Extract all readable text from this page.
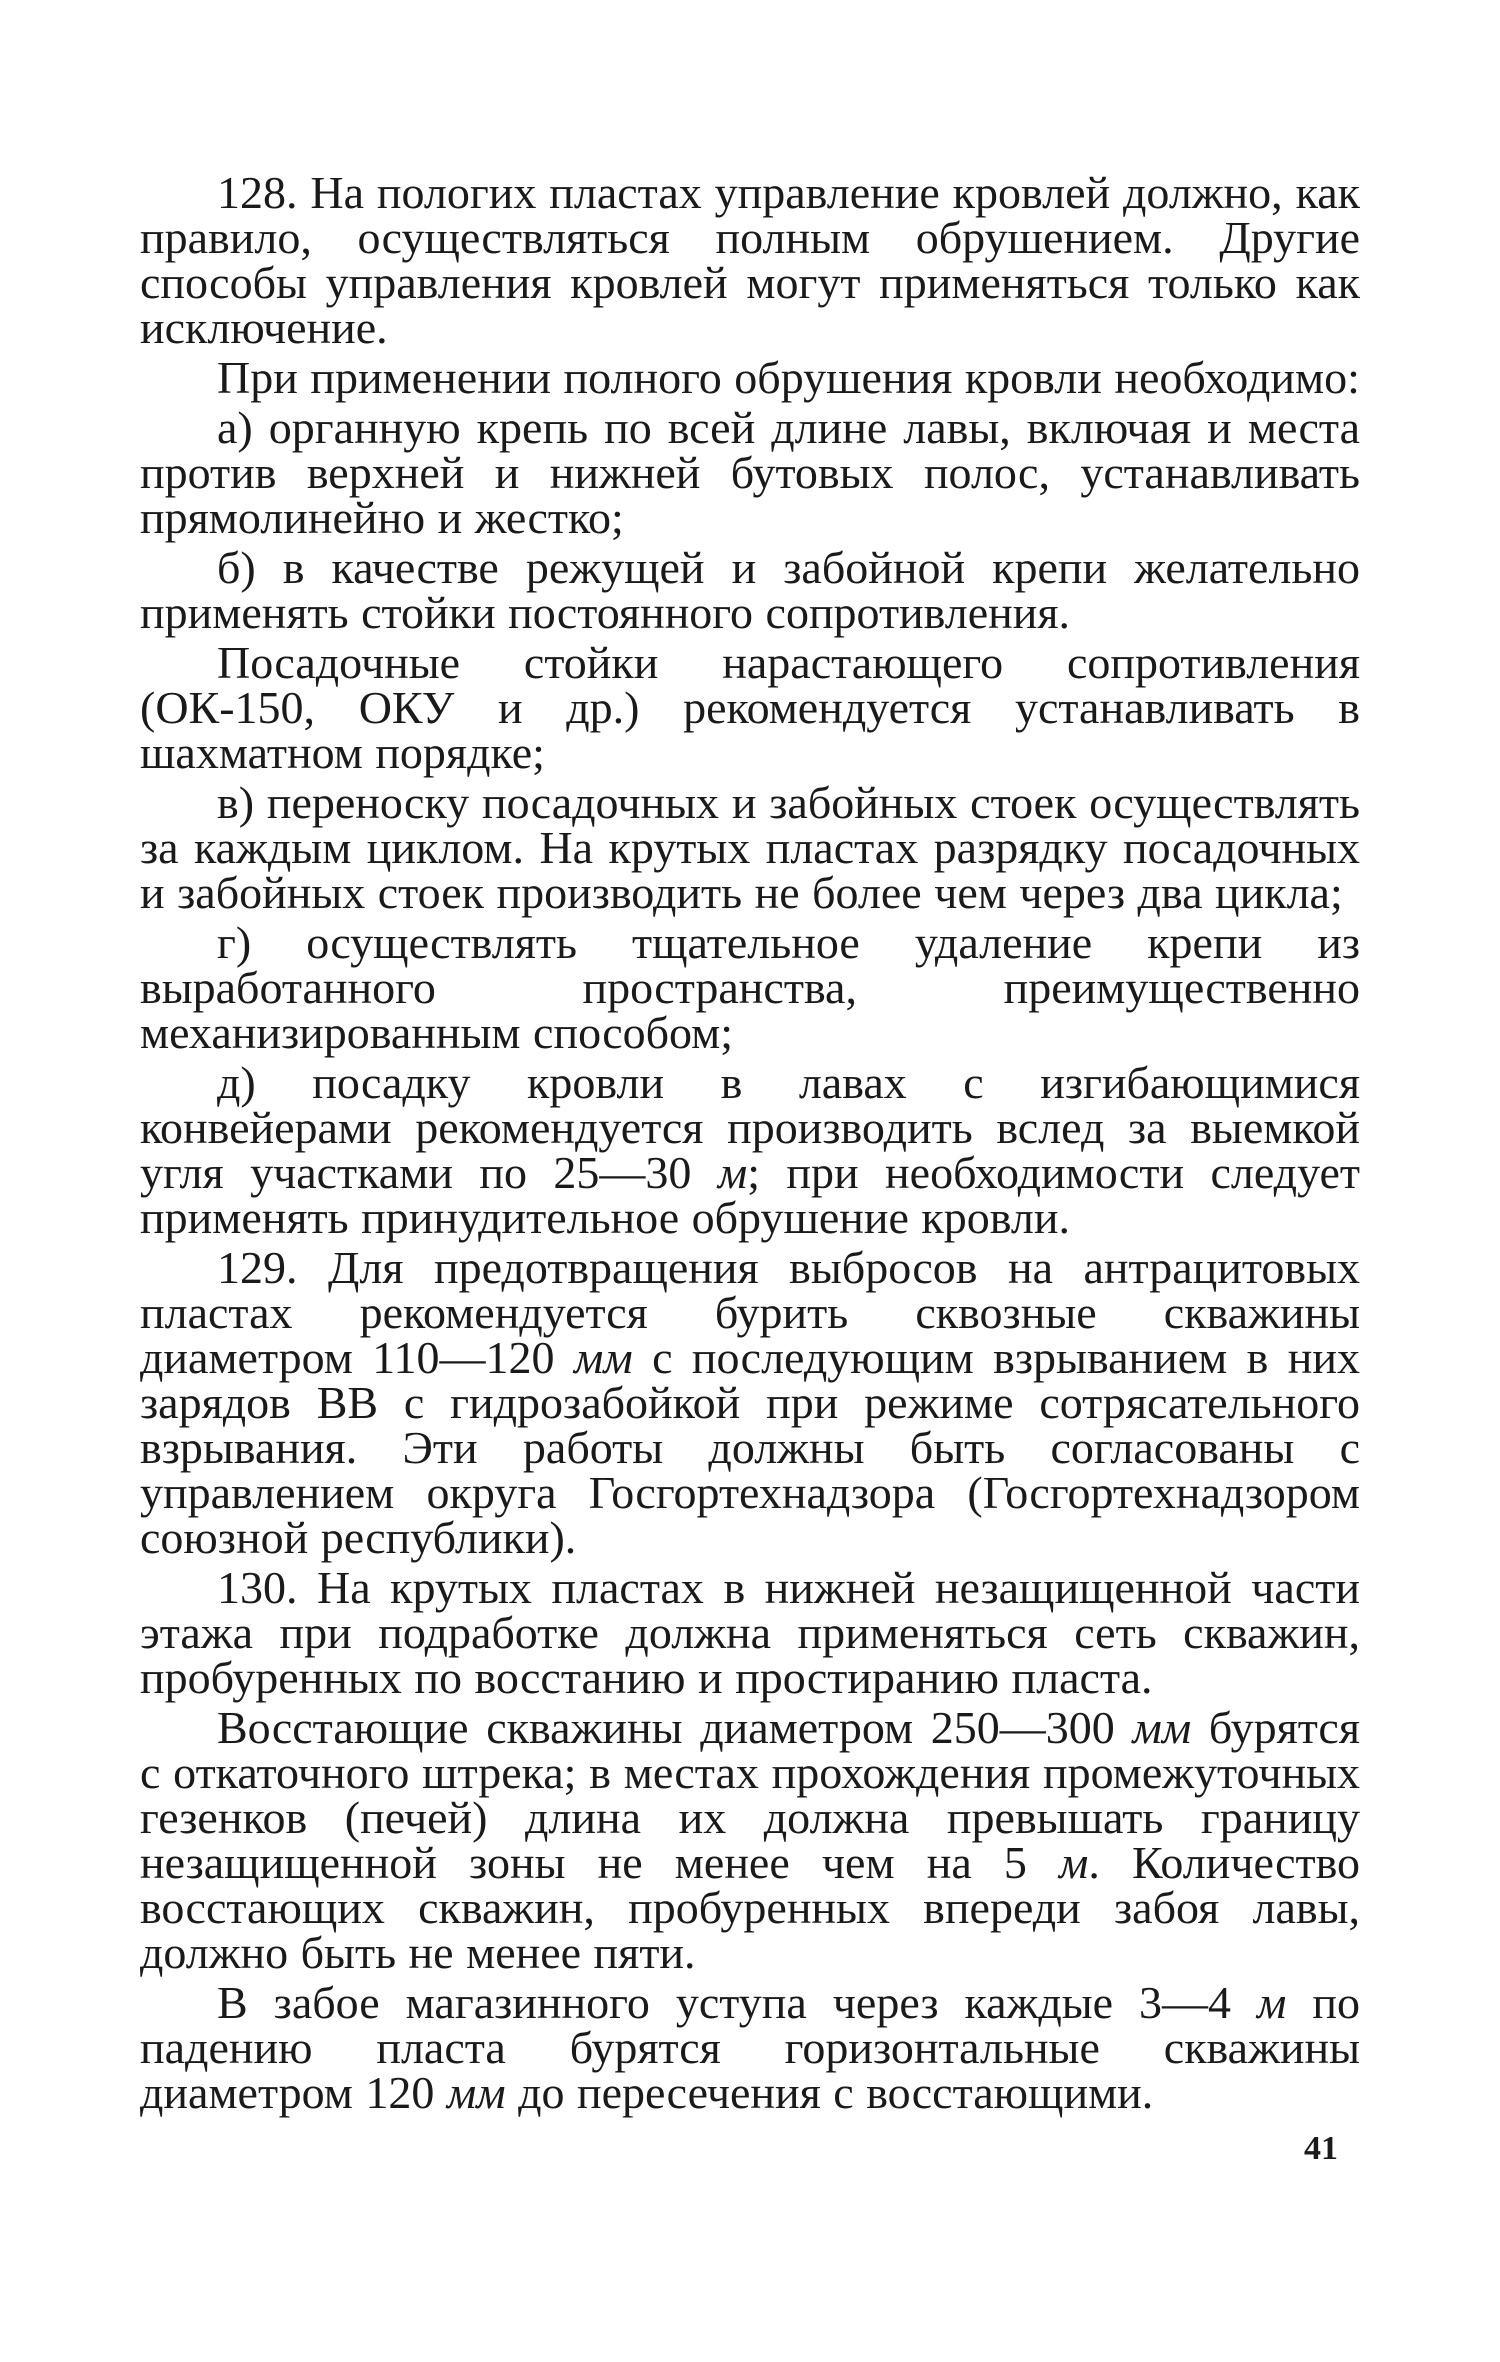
128. На пологих пластах управление кровлей должно, как правило, осуществляться полным обрушением. Другие способы управления кровлей могут применяться только как исключение.

При применении полного обрушения кровли необходимо:

а) органную крепь по всей длине лавы, включая и места против верхней и нижней бутовых полос, устанавливать прямолинейно и жестко;

б) в качестве режущей и забойной крепи желательно применять стойки постоянного сопротивления.

Посадочные стойки нарастающего сопротивления (ОК-150, ОКУ и др.) рекомендуется устанавливать в шахматном порядке;

в) переноску посадочных и забойных стоек осуществлять за каждым циклом. На крутых пластах разрядку посадочных и забойных стоек производить не более чем через два цикла;

г) осуществлять тщательное удаление крепи из выработанного пространства, преимущественно механизированным способом;

д) посадку кровли в лавах с изгибающимися конвейерами рекомендуется производить вслед за выемкой угля участками по 25—30 м; при необходимости следует применять принудительное обрушение кровли.

129. Для предотвращения выбросов на антрацитовых пластах рекомендуется бурить сквозные скважины диаметром 110—120 мм с последующим взрыванием в них зарядов ВВ с гидрозабойкой при режиме сотрясательного взрывания. Эти работы должны быть согласованы с управлением округа Госгортехнадзора (Госгортехнадзором союзной республики).

130. На крутых пластах в нижней незащищенной части этажа при подработке должна применяться сеть скважин, пробуренных по восстанию и простиранию пласта.

Восстающие скважины диаметром 250—300 мм бурятся с откаточного штрека; в местах прохождения промежуточных гезенков (печей) длина их должна превышать границу незащищенной зоны не менее чем на 5 м. Количество восстающих скважин, пробуренных впереди забоя лавы, должно быть не менее пяти.

В забое магазинного уступа через каждые 3—4 м по падению пласта бурятся горизонтальные скважины диаметром 120 мм до пересечения с восстающими.

41
